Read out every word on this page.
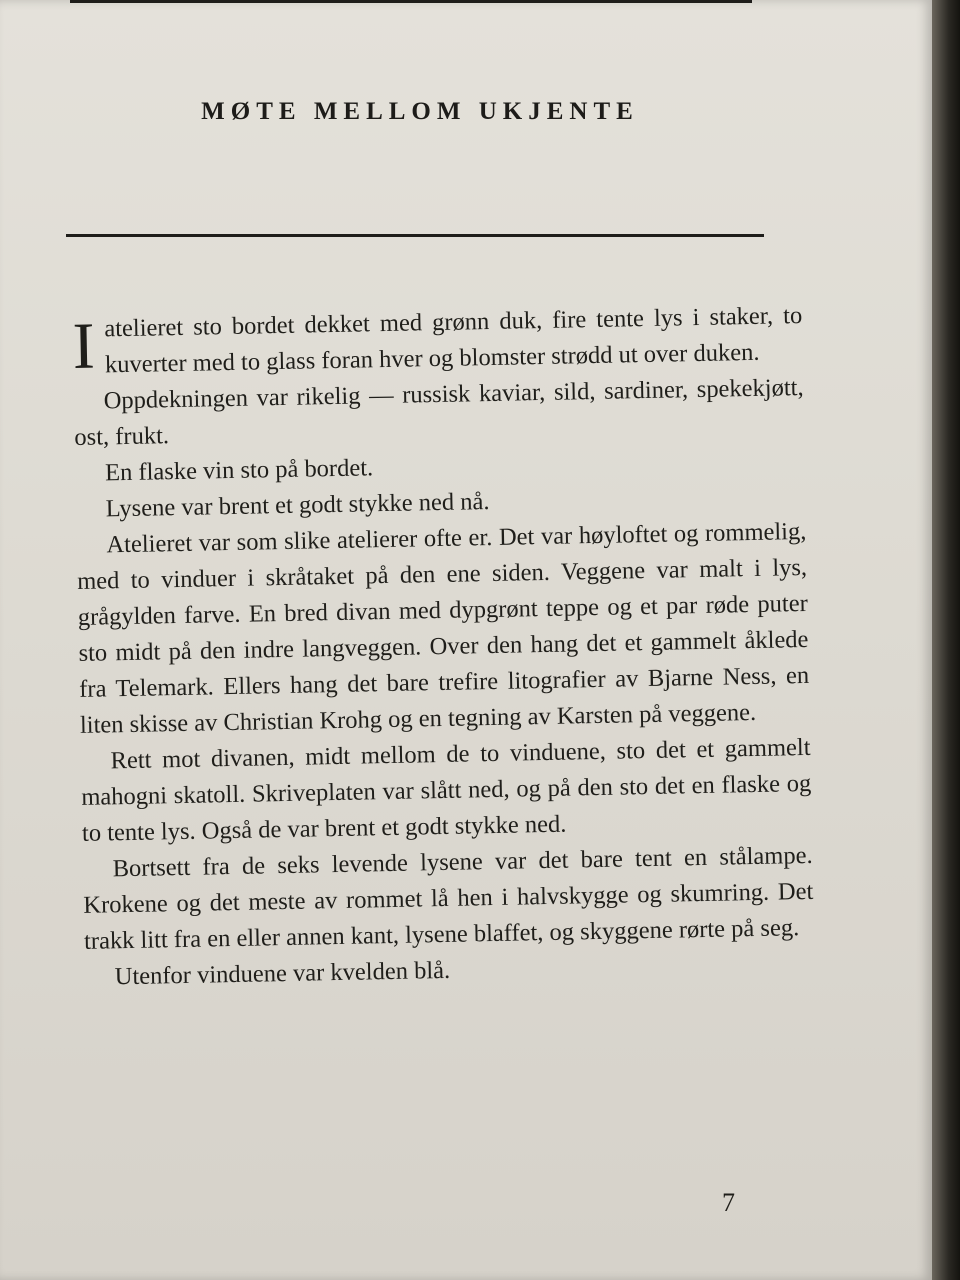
MØTE MELLOM UKJENTE

Iatelieret sto bordet dekket med grønn duk, fire tente lys i staker, to kuverter med to glass foran hver og blomster strødd ut over duken.

Oppdekningen var rikelig — russisk kaviar, sild, sardiner, spekekjøtt, ost, frukt.

En flaske vin sto på bordet.

Lysene var brent et godt stykke ned nå.

Atelieret var som slike atelierer ofte er. Det var høyloftet og rommelig, med to vinduer i skråtaket på den ene siden. Veggene var malt i lys, grågylden farve. En bred divan med dypgrønt teppe og et par røde puter sto midt på den indre langveggen. Over den hang det et gammelt åklede fra Telemark. Ellers hang det bare trefire litografier av Bjarne Ness, en liten skisse av Christian Krohg og en tegning av Karsten på veggene.

Rett mot divanen, midt mellom de to vinduene, sto det et gammelt mahogni skatoll. Skriveplaten var slått ned, og på den sto det en flaske og to tente lys. Også de var brent et godt stykke ned.

Bortsett fra de seks levende lysene var det bare tent en stålampe. Krokene og det meste av rommet lå hen i halvskygge og skumring. Det trakk litt fra en eller annen kant, lysene blaffet, og skyggene rørte på seg.

Utenfor vinduene var kvelden blå.

7
